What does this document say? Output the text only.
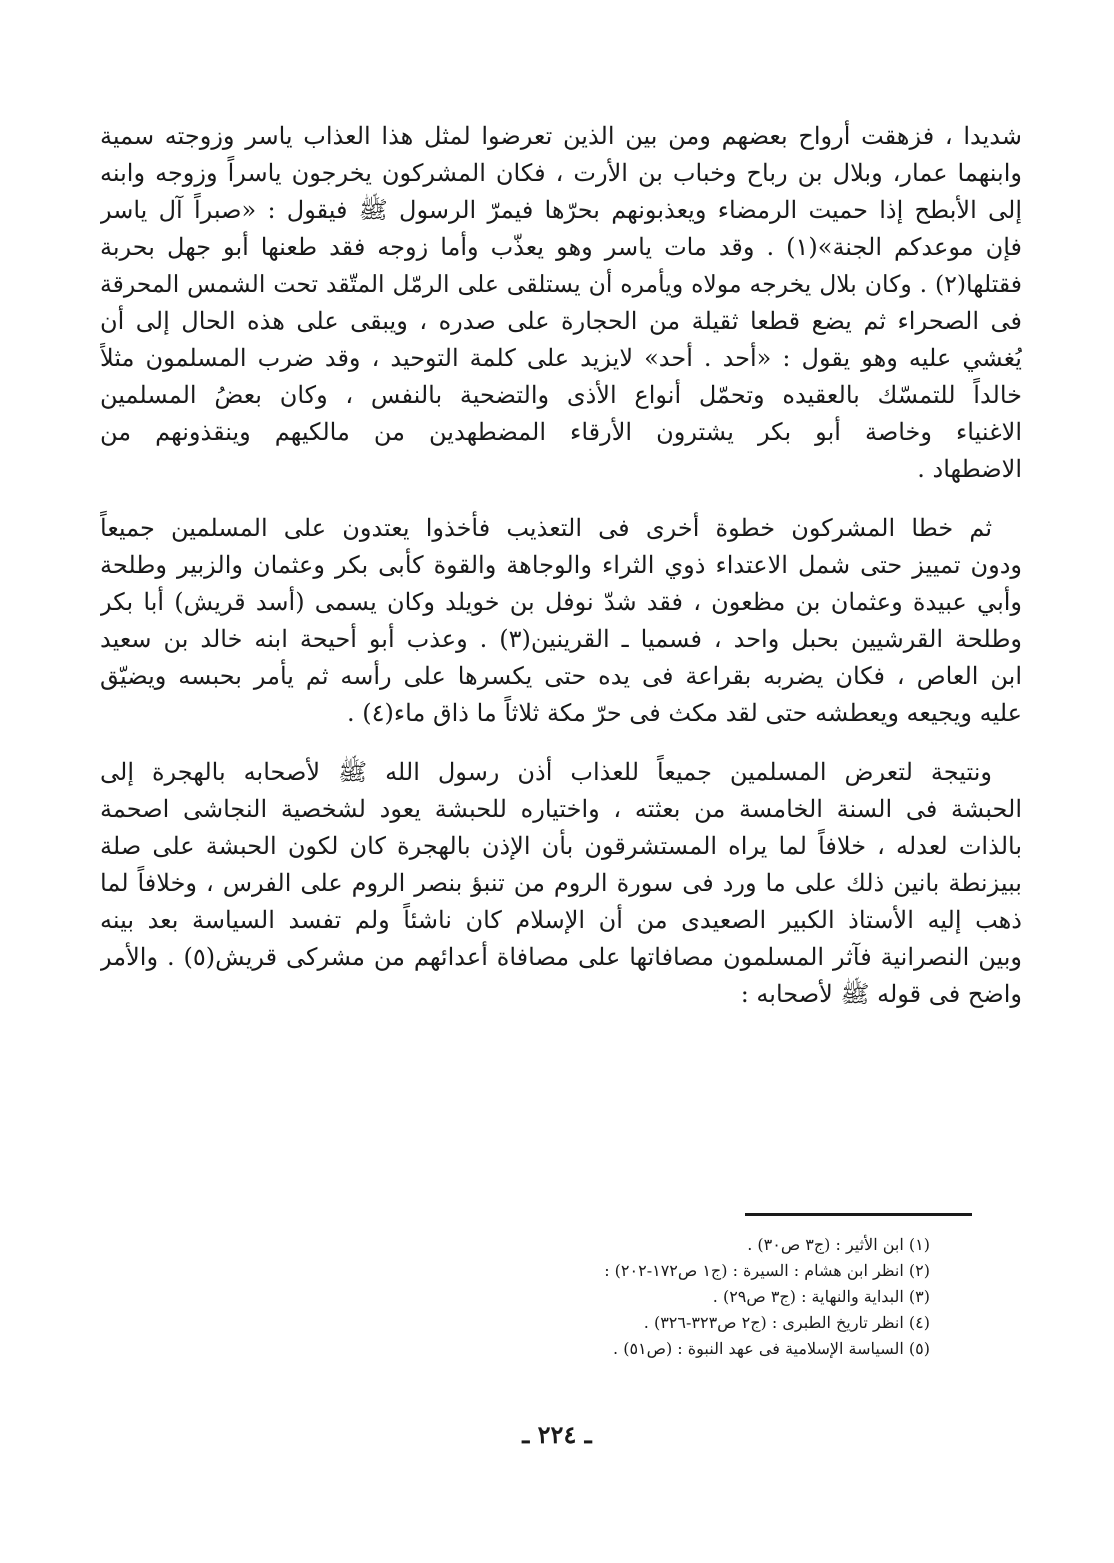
شديدا ، فزهقت أرواح بعضهم ومن بين الذين تعرضوا لمثل هذا العذاب ياسر وزوجته سمية
وابنهما عمار، وبلال بن رباح وخباب بن الأرت ، فكان المشركون يخرجون ياسراً وزوجه وابنه
إلى الأبطح إذا حميت الرمضاء ويعذبونهم بحرّها فيمرّ الرسول ﷺ فيقول : «صبراً آل ياسر
فإن موعدكم الجنة»(١) . وقد مات ياسر وهو يعذّب وأما زوجه فقد طعنها أبو جهل بحربة
فقتلها(٢) . وكان بلال يخرجه مولاه ويأمره أن يستلقى على الرمّل المتّقد تحت الشمس المحرقة
فى الصحراء ثم يضع قطعا ثقيلة من الحجارة على صدره ، ويبقى على هذه الحال إلى أن
يُغشي عليه وهو يقول : «أحد . أحد» لايزيد على كلمة التوحيد ، وقد ضرب المسلمون مثلاً
خالداً للتمسّك بالعقيده وتحمّل أنواع الأذى والتضحية بالنفس ، وكان بعضُ المسلمين
الاغنياء وخاصة أبو بكر يشترون الأرقاء المضطهدين من مالكيهم وينقذونهم من
الاضطهاد .

ثم خطا المشركون خطوة أخرى فى التعذيب فأخذوا يعتدون على المسلمين جميعاً
ودون تمييز حتى شمل الاعتداء ذوي الثراء والوجاهة والقوة كأبى بكر وعثمان والزبير وطلحة
وأبي عبيدة وعثمان بن مظعون ، فقد شدّ نوفل بن خويلد وكان يسمى (أسد قريش) أبا بكر
وطلحة القرشيين بحبل واحد ، فسميا ـ القرينين(٣) . وعذب أبو أحيحة ابنه خالد بن سعيد
ابن العاص ، فكان يضربه بقراعة فى يده حتى يكسرها على رأسه ثم يأمر بحبسه ويضيّق
عليه ويجيعه ويعطشه حتى لقد مكث فى حرّ مكة ثلاثاً ما ذاق ماء(٤) .

ونتيجة لتعرض المسلمين جميعاً للعذاب أذن رسول الله ﷺ لأصحابه بالهجرة إلى
الحبشة فى السنة الخامسة من بعثته ، واختياره للحبشة يعود لشخصية النجاشى اصحمة
بالذات لعدله ، خلافاً لما يراه المستشرقون بأن الإذن بالهجرة كان لكون الحبشة على صلة
ببيزنطة بانين ذلك على ما ورد فى سورة الروم من تنبؤ بنصر الروم على الفرس ، وخلافاً لما
ذهب إليه الأستاذ الكبير الصعيدى من أن الإسلام كان ناشئاً ولم تفسد السياسة بعد بينه
وبين النصرانية فآثر المسلمون مصافاتها على مصافاة أعدائهم من مشركى قريش(٥) . والأمر
واضح فى قوله ﷺ لأصحابه :

(١) ابن الأثير : (ج٣ ص٣٠) .
(٢) انظر ابن هشام : السيرة : (ج١ ص١٧٢-٢٠٢) :
(٣) البداية والنهاية : (ج٣ ص٢٩) .
(٤) انظر تاريخ الطبرى : (ج٢ ص٣٢٣-٣٢٦) .
(٥) السياسة الإسلامية فى عهد النبوة : (ص٥١) .
ـ ٢٢٤ ـ
